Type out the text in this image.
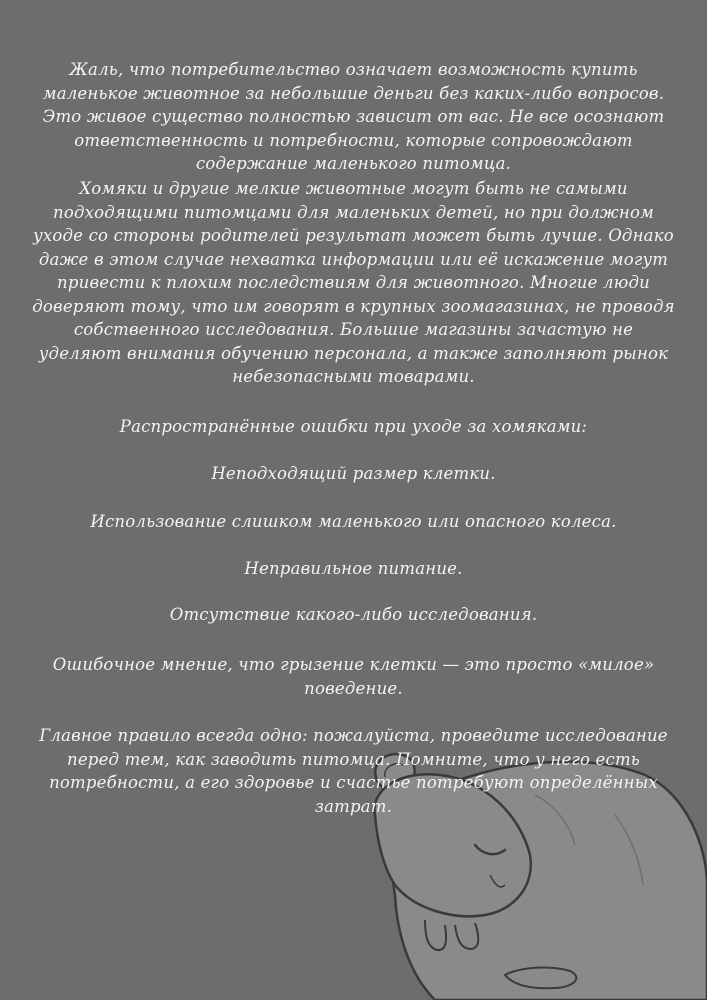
Жаль, что потребительство означает возможность купить маленькое животное за небольшие деньги без каких-либо вопросов. Это живое существо полностью зависит от вас. Не все осознают ответственность и потребности, которые сопровождают содержание маленького питомца.
Хомяки и другие мелкие животные могут быть не самыми подходящими питомцами для маленьких детей, но при должном уходе со стороны родителей результат может быть лучше. Однако даже в этом случае нехватка информации или её искажение могут привести к плохим последствиям для животного. Многие люди доверяют тому, что им говорят в крупных зоомагазинах, не проводя собственного исследования. Большие магазины зачастую не уделяют внимания обучению персонала, а также заполняют рынок небезопасными товарами.
Распространённые ошибки при уходе за хомяками:
Неподходящий размер клетки.
Использование слишком маленького или опасного колеса.
Неправильное питание.
Отсутствие какого-либо исследования.
Ошибочное мнение, что грызение клетки — это просто «милое» поведение.
Главное правило всегда одно: пожалуйста, проведите исследование перед тем, как заводить питомца. Помните, что у него есть потребности, а его здоровье и счастье потребуют определённых затрат.
